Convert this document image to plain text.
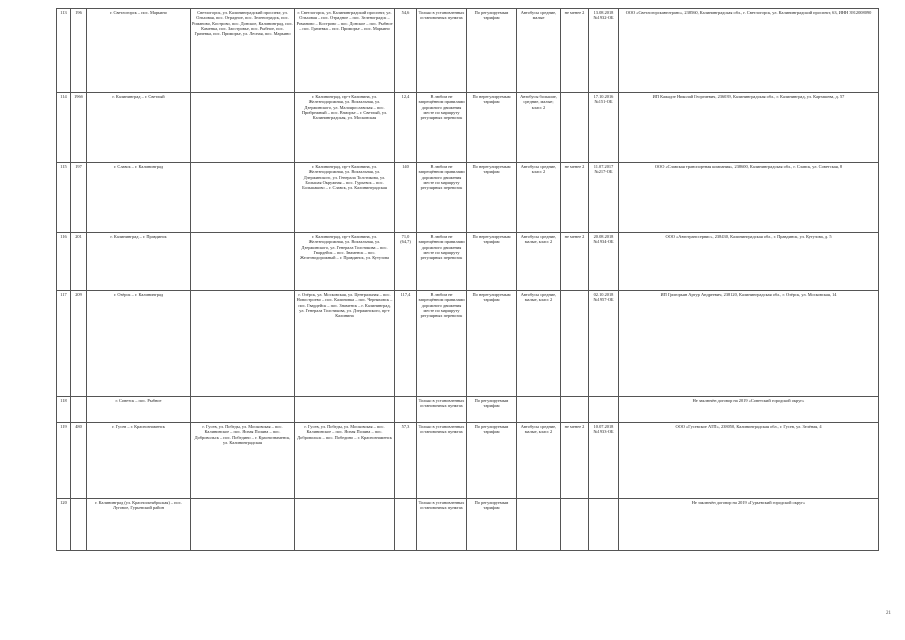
113	196	г. Светлогорск – пос. Марьино	Светлогорск, ул. Калининградский проспект, ул. Ольховая, пос. Отрадное, пос. Зеленоградск, пос. Романово, Кострово, пос. Донское, Калининград, пос. Каменка, пос. Заостровье, пос. Рыбное, пос. Грачевка, пос. Приморье, ул. Лесная, пос. Марьино	г. Светлогорск, ул. Калининградский проспект, ул. Ольховая – пос. Отрадное – пос. Зеленоградск – Романово – Кострово – пос. Донское – пос. Рыбное – пос. Грачевка – пос. Приморье – пос. Марьино	54,6	Только в установленных остановочных пунктах	По регулируемым тарифам	Автобусы средние, малые	не менее 2	13.08.2018 №1932-ОБ	ООО «Светлогорскавтотранс», 238560, Калининградская обл., г. Светлогорск, ул. Калининградский проспект, 63, ИНН 3912008090
114	196б	г. Калининград – г. Светлый		г. Калининград, пр-т Калинина, ул. Железнодорожная, ул. Вокзальная, ул. Дзержинского, ул. Малоярославская – пос. Прибрежный – пос. Взморье – г. Светлый, ул. Калининградская, ул. Московская	12,4	В любом не запрещённом правилами дорожного движения месте по маршруту регулярных перевозок	По нерегулируемым тарифам	Автобусы большие, средние, малые; класс 2		17.10.2016 №151-ОБ	ИП Кажадзе Николай Георгиевич, 236039, Калининградская обл., г. Калининград, ул. Карташева, д. 57
115	197	г. Славск – г. Калининград		г. Калининград, пр-т Калинина, ул. Железнодорожная, ул. Вокзальная, ул. Дзержинского, ул. Генерала Толстикова, ул. Большая Окружная – пос. Гурьевск – пос. Большаково – г. Славск, ул. Калининградская	140	В любом не запрещённом правилами дорожного движения месте по маршруту регулярных перевозок	По нерегулируемым тарифам	Автобусы средние, класс 2	не менее 2	11.07.2017 №217-ОБ	ООО «Славская транспортная компания», 238600, Калининградская обл., г. Славск, ул. Советская, 8
116	201	г. Калининград – г. Правдинск		г. Калининград, пр-т Калинина, ул. Железнодорожная, ул. Вокзальная, ул. Дзержинского, ул. Генерала Толстикова – пос. Гвардейск – пос. Знаменск – пос. Железнодорожный – г. Правдинск, ул. Кутузова	71,0 (64,7)	В любом не запрещённом правилами дорожного движения месте по маршруту регулярных перевозок	По нерегулируемым тарифам	Автобусы средние, малые, класс 2	не менее 2	20.08.2018 №1934-ОБ	ООО «Автотранссервис», 238430, Калининградская обл., г. Правдинск, ул. Кутузова, д. 5
117	209	г. Озёрск – г. Калининград		г. Озёрск, ул. Московская, ул. Центральная – пос. Новостроево – пос. Калиновка – пос. Черняховск – пос. Гвардейск – пос. Знаменск – г. Калининград, ул. Генерала Толстикова, ул. Дзержинского, пр-т Калинина	117,4	В любом не запрещённом правилами дорожного движения месте по маршруту регулярных перевозок	По нерегулируемым тарифам	Автобусы средние, малые, класс 2		02.10.2018 №1957-ОБ	ИП Григорьян Артур Андреевич, 238120, Калининградская обл., г. Озёрск, ул. Московская, 14
118		г. Советск – пос. Рыбное				Только в установленных остановочных пунктах	По регулируемым тарифам				Не заключён договор на 2019 «Советский городской округ»
119	480	г. Гусев – г. Краснознаменск	г. Гусев, ул. Победы, ул. Московская – пос. Калининское – пос. Ясная Поляна – пос. Добровольск – пос. Победино – г. Краснознаменск, ул. Калининградская	г. Гусев, ул. Победы, ул. Московская – пос. Калининское – пос. Ясная Поляна – пос. Добровольск – пос. Победино – г. Краснознаменск	57,3	Только в установленных остановочных пунктах	По регулируемым тарифам	Автобусы средние, малые, класс 2	не менее 2	10.07.2018 №1933-ОБ	ООО «Гусевское АТП», 238050, Калининградская обл., г. Гусев, ул. Зелёная, 4
120		г. Калининград (ул. Краснооктябрьская) – пос. Луговое, Гурьевский район				Только в установленных остановочных пунктах	По регулируемым тарифам				Не заключён договор на 2019 «Гурьевский городской округ»
21
